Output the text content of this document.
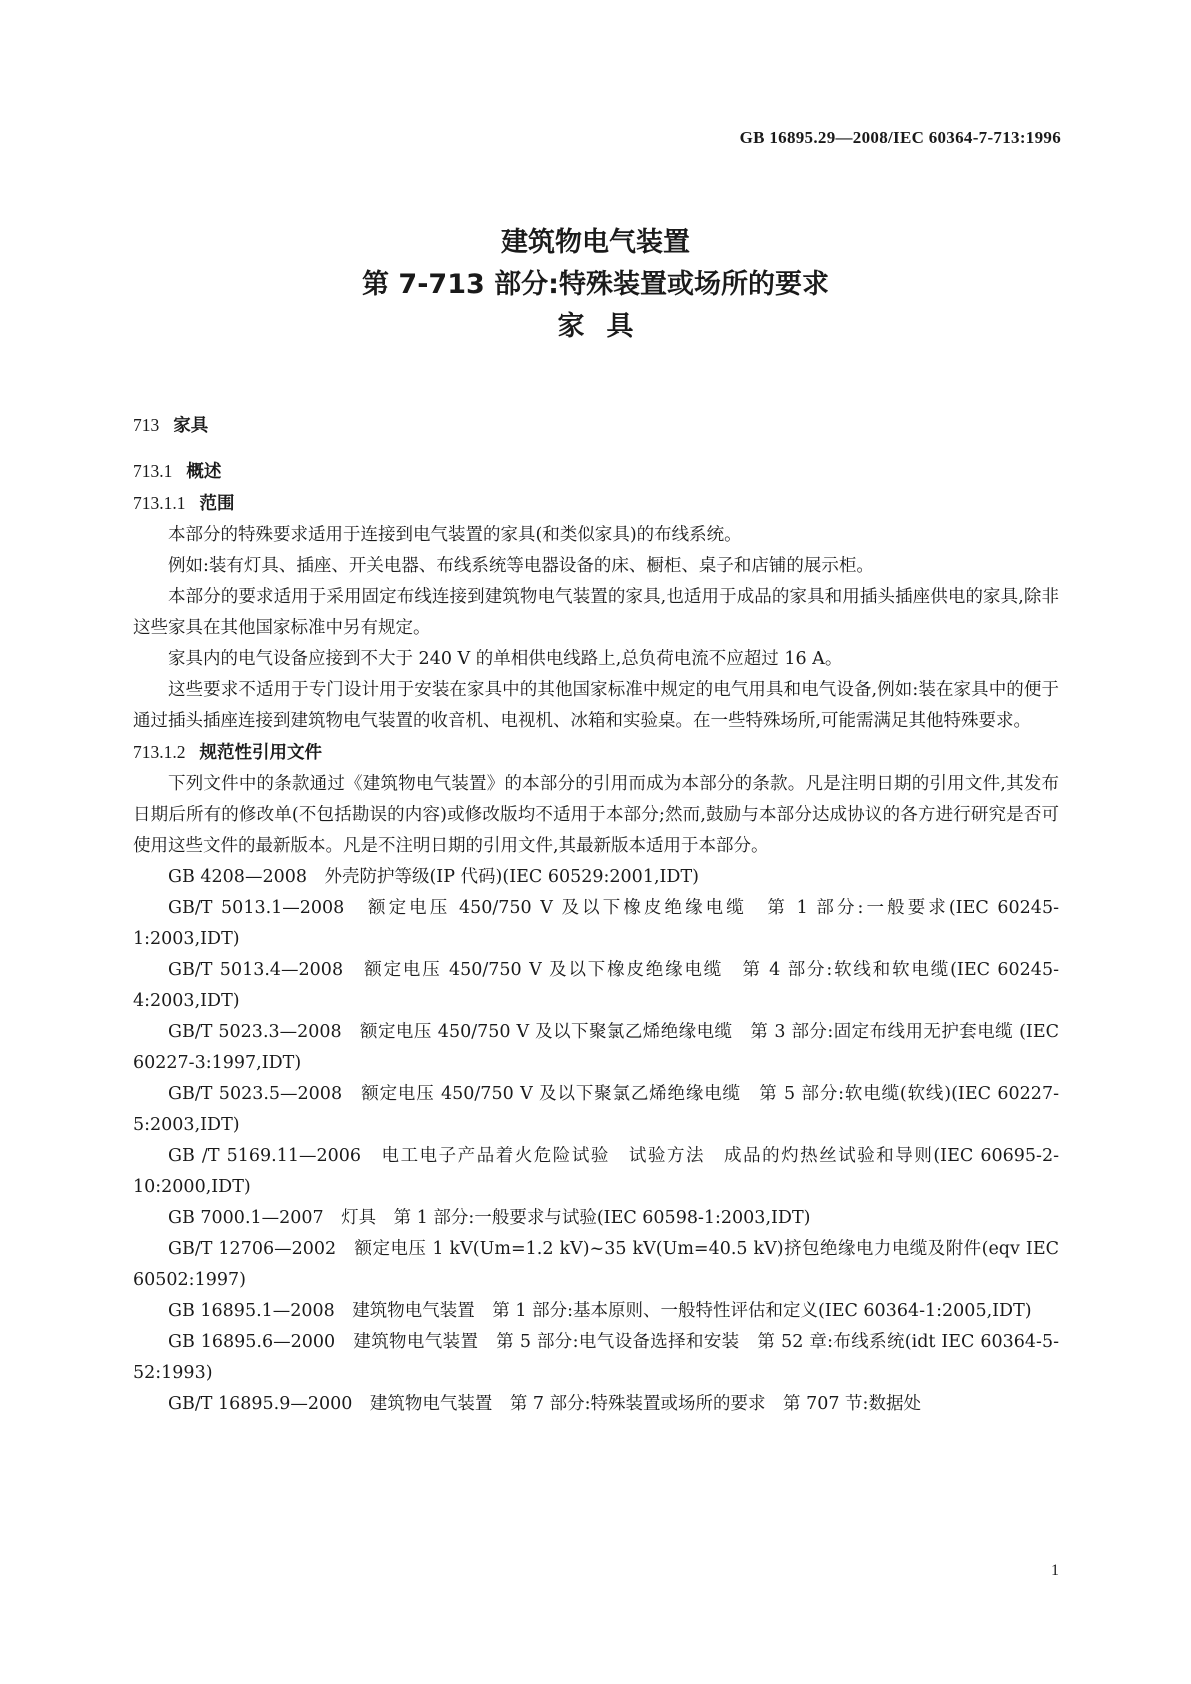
GB 16895.29—2008/IEC 60364-7-713:1996
建筑物电气装置
第 7-713 部分:特殊装置或场所的要求
家具
713 家具
713.1 概述
713.1.1 范围

本部分的特殊要求适用于连接到电气装置的家具(和类似家具)的布线系统。

例如:装有灯具、插座、开关电器、布线系统等电器设备的床、橱柜、桌子和店铺的展示柜。

本部分的要求适用于采用固定布线连接到建筑物电气装置的家具,也适用于成品的家具和用插头插座供电的家具,除非这些家具在其他国家标准中另有规定。

家具内的电气设备应接到不大于 240 V 的单相供电线路上,总负荷电流不应超过 16 A。

这些要求不适用于专门设计用于安装在家具中的其他国家标准中规定的电气用具和电气设备,例如:装在家具中的便于通过插头插座连接到建筑物电气装置的收音机、电视机、冰箱和实验桌。在一些特殊场所,可能需满足其他特殊要求。

713.1.2 规范性引用文件

下列文件中的条款通过《建筑物电气装置》的本部分的引用而成为本部分的条款。凡是注明日期的引用文件,其发布日期后所有的修改单(不包括勘误的内容)或修改版均不适用于本部分;然而,鼓励与本部分达成协议的各方进行研究是否可使用这些文件的最新版本。凡是不注明日期的引用文件,其最新版本适用于本部分。

GB 4208—2008　外壳防护等级(IP 代码)(IEC 60529:2001,IDT)

GB/T 5013.1—2008　额定电压 450/750 V 及以下橡皮绝缘电缆　第 1 部分:一般要求(IEC 60245-1:2003,IDT)

GB/T 5013.4—2008　额定电压 450/750 V 及以下橡皮绝缘电缆　第 4 部分:软线和软电缆(IEC 60245-4:2003,IDT)

GB/T 5023.3—2008　额定电压 450/750 V 及以下聚氯乙烯绝缘电缆　第 3 部分:固定布线用无护套电缆 (IEC 60227-3:1997,IDT)

GB/T 5023.5—2008　额定电压 450/750 V 及以下聚氯乙烯绝缘电缆　第 5 部分:软电缆(软线)(IEC 60227-5:2003,IDT)

GB /T 5169.11—2006　电工电子产品着火危险试验　试验方法　成品的灼热丝试验和导则(IEC 60695-2-10:2000,IDT)

GB 7000.1—2007　灯具　第 1 部分:一般要求与试验(IEC 60598-1:2003,IDT)

GB/T 12706—2002　额定电压 1 kV(Um=1.2 kV)~35 kV(Um=40.5 kV)挤包绝缘电力电缆及附件(eqv IEC 60502:1997)

GB 16895.1—2008　建筑物电气装置　第 1 部分:基本原则、一般特性评估和定义(IEC 60364-1:2005,IDT)

GB 16895.6—2000　建筑物电气装置　第 5 部分:电气设备选择和安装　第 52 章:布线系统(idt IEC 60364-5-52:1993)

GB/T 16895.9—2000　建筑物电气装置　第 7 部分:特殊装置或场所的要求　第 707 节:数据处

1
